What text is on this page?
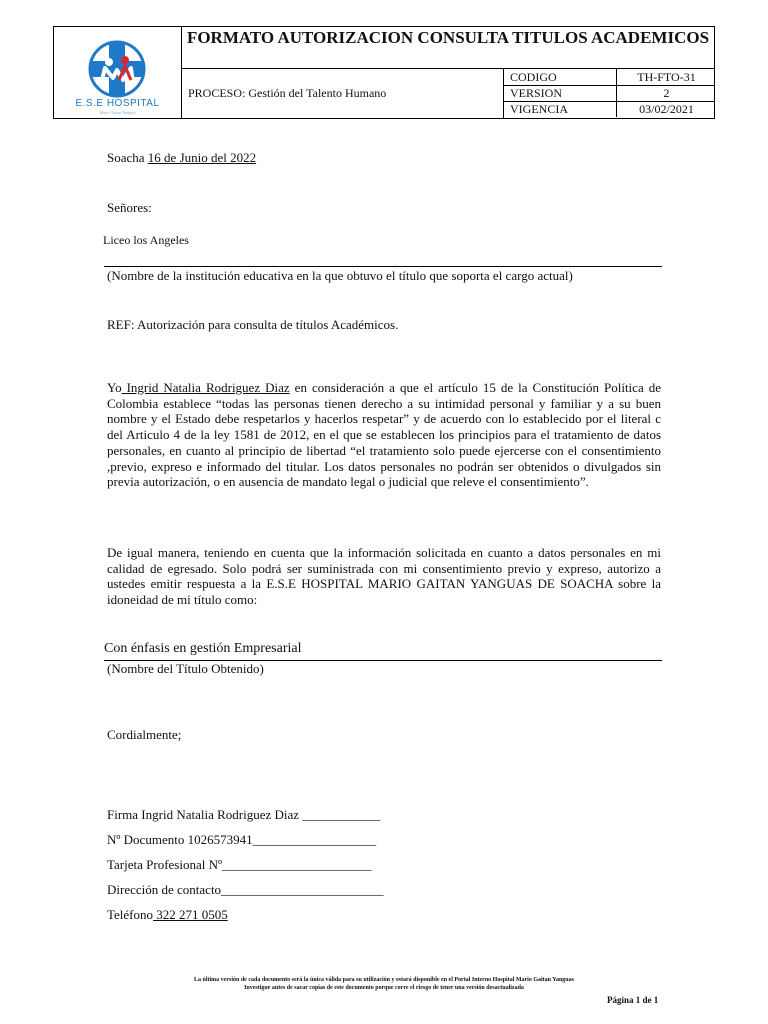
E.S.E HOSPITAL
Mario Gaitan Yanguas
FORMATO AUTORIZACION CONSULTA TITULOS ACADEMICOS
PROCESO: Gestión del Talento Humano
CODIGO	TH-FTO-31
VERSION	2
VIGENCIA	03/02/2021
Soacha 16 de Junio del 2022
Señores:
Liceo los Angeles
(Nombre de la institución educativa en la que obtuvo el título que soporta el cargo actual)
REF: Autorización para consulta de títulos Académicos.
Yo Ingrid Natalia Rodriguez Diaz en consideración a que el artículo 15 de la Constitución Política de Colombia establece “todas las personas tienen derecho a su intimidad personal y familiar y a su buen nombre y el Estado debe respetarlos y hacerlos respetar” y de acuerdo con lo establecido por el literal c del Articulo 4 de la ley 1581 de 2012, en el que se establecen los principios para el tratamiento de datos personales, en cuanto al principio de libertad “el tratamiento solo puede ejercerse con el consentimiento ,previo, expreso e informado del titular. Los datos personales no podrán ser obtenidos o divulgados sin previa autorización, o en ausencia de mandato legal o judicial que releve el consentimiento”.
De igual manera, teniendo en cuenta que la información solicitada en cuanto a datos personales en mi calidad de egresado. Solo podrá ser suministrada con mi consentimiento previo y expreso, autorizo a ustedes emitir respuesta a la E.S.E HOSPITAL MARIO GAITAN YANGUAS DE SOACHA sobre la idoneidad de mi título como:
Con énfasis en gestión Empresarial
(Nombre del Título Obtenido)
Cordialmente;
Firma Ingrid Natalia Rodriguez Diaz ____________
Nº Documento 1026573941___________________
Tarjeta Profesional Nº_______________________
Dirección de contacto_________________________
Teléfono 322 271 0505
La última versión de cada documento será la única válida para su utilización y estará disponible en el Portal Interno Hospital Mario Gaitan Yanguas
Investigue antes de sacar copias de este documento porque corre el riesgo de tener una versión desactualizada
Página 1 de 1
